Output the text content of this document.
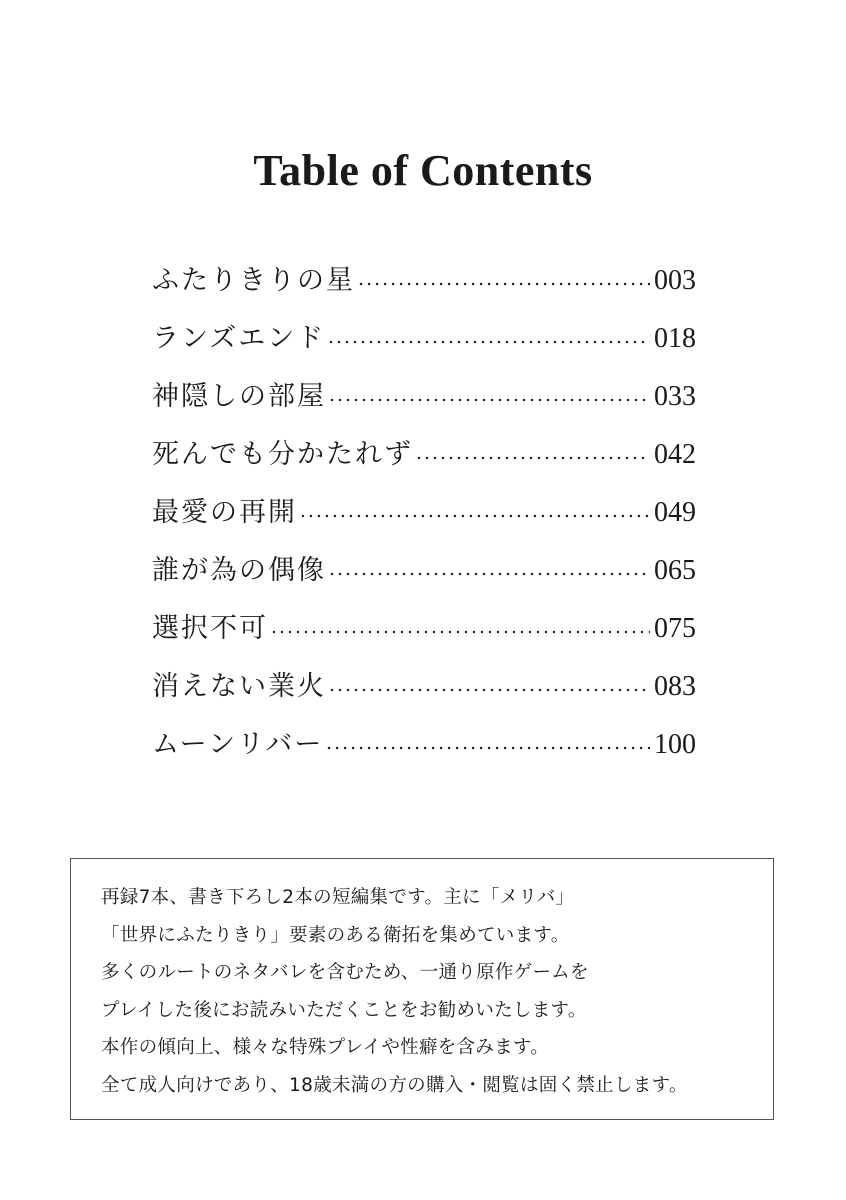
Table of Contents
ふたりきりの星	003
ランズエンド	018
神隠しの部屋	033
死んでも分かたれず	042
最愛の再開	049
誰が為の偶像	065
選択不可	075
消えない業火	083
ムーンリバー	100
再録7本、書き下ろし2本の短編集です。主に「メリバ」
「世界にふたりきり」要素のある衛拓を集めています。
多くのルートのネタバレを含むため、一通り原作ゲームを
プレイした後にお読みいただくことをお勧めいたします。
本作の傾向上、様々な特殊プレイや性癖を含みます。
全て成人向けであり、18歳未満の方の購入・閲覧は固く禁止します。
